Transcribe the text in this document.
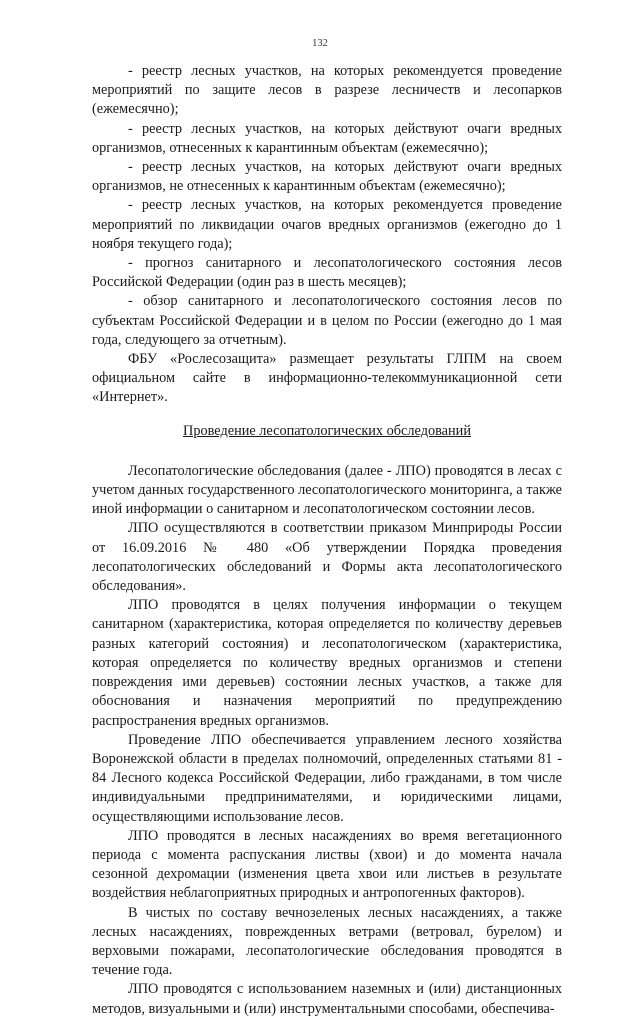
132

- реестр лесных участков, на которых рекомендуется проведение мероприятий по защите лесов в разрезе лесничеств и лесопарков (ежемесячно);

- реестр лесных участков, на которых действуют очаги вредных организмов, отнесенных к карантинным объектам (ежемесячно);

- реестр лесных участков, на которых действуют очаги вредных организмов, не отнесенных к карантинным объектам (ежемесячно);

- реестр лесных участков, на которых рекомендуется проведение мероприятий по ликвидации очагов вредных организмов (ежегодно до 1 ноября текущего года);

- прогноз санитарного и лесопатологического состояния лесов Российской Федерации (один раз в шесть месяцев);

- обзор санитарного и лесопатологического состояния лесов по субъектам Российской Федерации и в целом по России (ежегодно до 1 мая года, следующего за отчетным).

ФБУ «Рослесозащита» размещает результаты ГЛПМ на своем официальном сайте в информационно-телекоммуникационной сети «Интернет».

Проведение лесопатологических обследований

Лесопатологические обследования (далее - ЛПО) проводятся в лесах с учетом данных государственного лесопатологического мониторинга, а также иной информации о санитарном и лесопатологическом состоянии лесов.

ЛПО осуществляются в соответствии приказом Минприроды России от 16.09.2016 № 480 «Об утверждении Порядка проведения лесопатологических обследований и Формы акта лесопатологического обследования».

ЛПО проводятся в целях получения информации о текущем санитарном (характеристика, которая определяется по количеству деревьев разных категорий состояния) и лесопатологическом (характеристика, которая определяется по количеству вредных организмов и степени повреждения ими деревьев) состоянии лесных участков, а также для обоснования и назначения мероприятий по предупреждению распространения вредных организмов.

Проведение ЛПО обеспечивается управлением лесного хозяйства Воронежской области в пределах полномочий, определенных статьями 81 - 84 Лесного кодекса Российской Федерации, либо гражданами, в том числе индивидуальными предпринимателями, и юридическими лицами, осуществляющими использование лесов.

ЛПО проводятся в лесных насаждениях во время вегетационного периода с момента распускания листвы (хвои) и до момента начала сезонной дехромации (изменения цвета хвои или листьев в результате воздействия неблагоприятных природных и антропогенных факторов).

В чистых по составу вечнозеленых лесных насаждениях, а также лесных насаждениях, поврежденных ветрами (ветровал, бурелом) и верховыми пожарами, лесопатологические обследования проводятся в течение года.

ЛПО проводятся с использованием наземных и (или) дистанционных методов, визуальными и (или) инструментальными способами, обеспечива-
